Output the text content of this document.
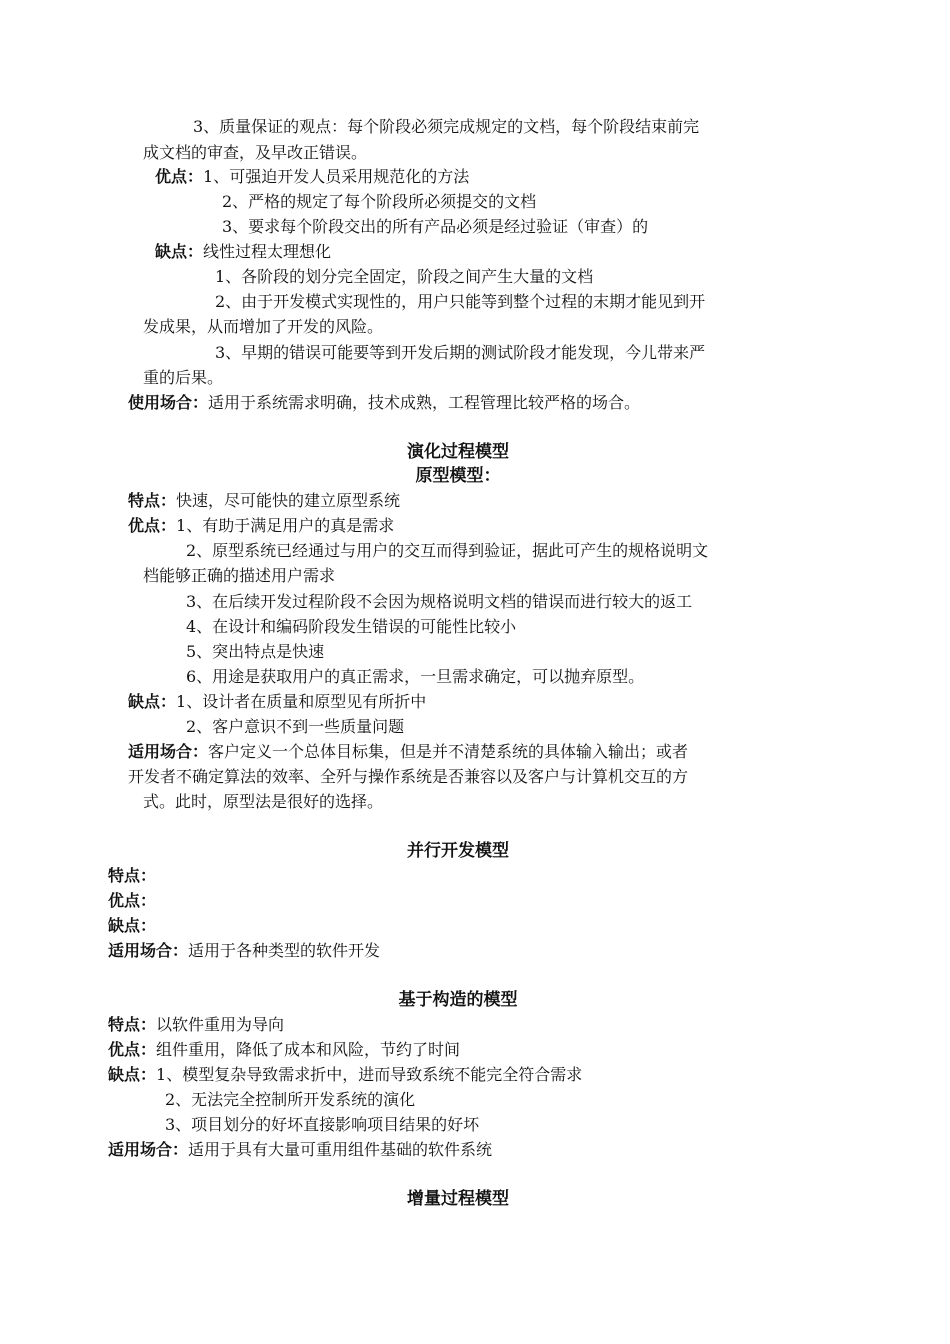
3、质量保证的观点：每个阶段必须完成规定的文档，每个阶段结束前完
成文档的审查，及早改正错误。
优点：1、可强迫开发人员采用规范化的方法
2、严格的规定了每个阶段所必须提交的文档
3、要求每个阶段交出的所有产品必须是经过验证（审查）的
缺点：线性过程太理想化
1、各阶段的划分完全固定，阶段之间产生大量的文档
2、由于开发模式实现性的，用户只能等到整个过程的末期才能见到开
发成果，从而增加了开发的风险。
3、早期的错误可能要等到开发后期的测试阶段才能发现，今儿带来严
重的后果。
使用场合：适用于系统需求明确，技术成熟，工程管理比较严格的场合。
演化过程模型
原型模型：
特点：快速，尽可能快的建立原型系统
优点：1、有助于满足用户的真是需求
2、原型系统已经通过与用户的交互而得到验证，据此可产生的规格说明文
档能够正确的描述用户需求
3、在后续开发过程阶段不会因为规格说明文档的错误而进行较大的返工
4、在设计和编码阶段发生错误的可能性比较小
5、突出特点是快速
6、用途是获取用户的真正需求，一旦需求确定，可以抛弃原型。
缺点：1、设计者在质量和原型见有所折中
2、客户意识不到一些质量问题
适用场合：客户定义一个总体目标集，但是并不清楚系统的具体输入输出；或者
开发者不确定算法的效率、全歼与操作系统是否兼容以及客户与计算机交互的方
式。此时，原型法是很好的选择。
并行开发模型
特点：
优点：
缺点：
适用场合：适用于各种类型的软件开发
基于构造的模型
特点：以软件重用为导向
优点：组件重用，降低了成本和风险，节约了时间
缺点：1、模型复杂导致需求折中，进而导致系统不能完全符合需求
2、无法完全控制所开发系统的演化
3、项目划分的好坏直接影响项目结果的好坏
适用场合：适用于具有大量可重用组件基础的软件系统
增量过程模型
